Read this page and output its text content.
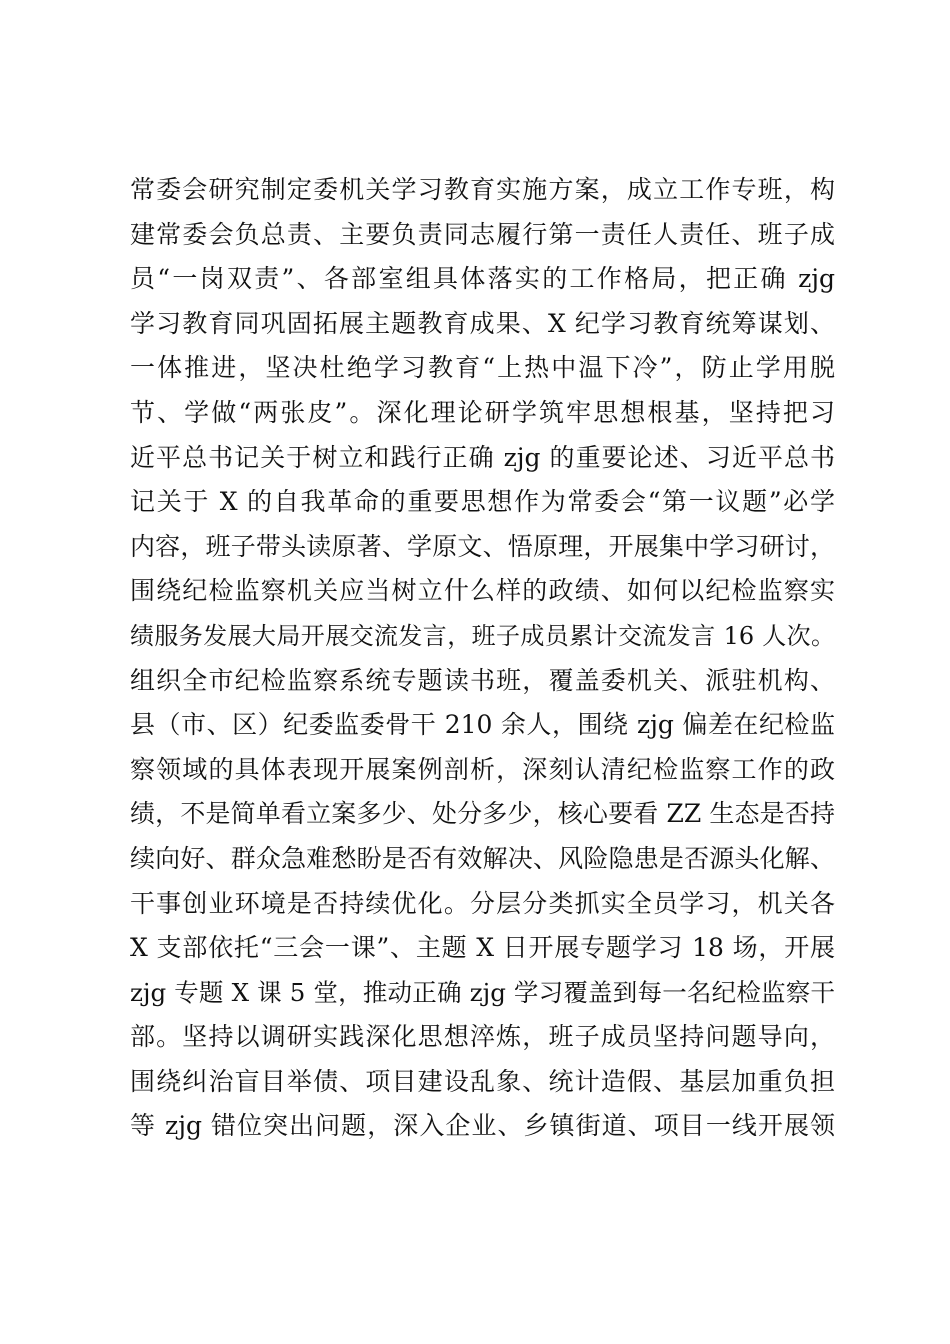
常委会研究制定委机关学习教育实施方案，成立工作专班，构
建常委会负总责、主要负责同志履行第一责任人责任、班子成
员“一岗双责”、各部室组具体落实的工作格局，把正确 zjg
学习教育同巩固拓展主题教育成果、X 纪学习教育统筹谋划、
一体推进，坚决杜绝学习教育“上热中温下冷”，防止学用脱
节、学做“两张皮”。深化理论研学筑牢思想根基，坚持把习
近平总书记关于树立和践行正确 zjg 的重要论述、习近平总书
记关于 X 的自我革命的重要思想作为常委会“第一议题”必学
内容，班子带头读原著、学原文、悟原理，开展集中学习研讨，
围绕纪检监察机关应当树立什么样的政绩、如何以纪检监察实
绩服务发展大局开展交流发言，班子成员累计交流发言 16 人次。
组织全市纪检监察系统专题读书班，覆盖委机关、派驻机构、
县（市、区）纪委监委骨干 210 余人，围绕 zjg 偏差在纪检监
察领域的具体表现开展案例剖析，深刻认清纪检监察工作的政
绩，不是简单看立案多少、处分多少，核心要看 ZZ 生态是否持
续向好、群众急难愁盼是否有效解决、风险隐患是否源头化解、
干事创业环境是否持续优化。分层分类抓实全员学习，机关各
X 支部依托“三会一课”、主题 X 日开展专题学习 18 场，开展
zjg 专题 X 课 5 堂，推动正确 zjg 学习覆盖到每一名纪检监察干
部。坚持以调研实践深化思想淬炼，班子成员坚持问题导向，
围绕纠治盲目举债、项目建设乱象、统计造假、基层加重负担
等 zjg 错位突出问题，深入企业、乡镇街道、项目一线开展领
